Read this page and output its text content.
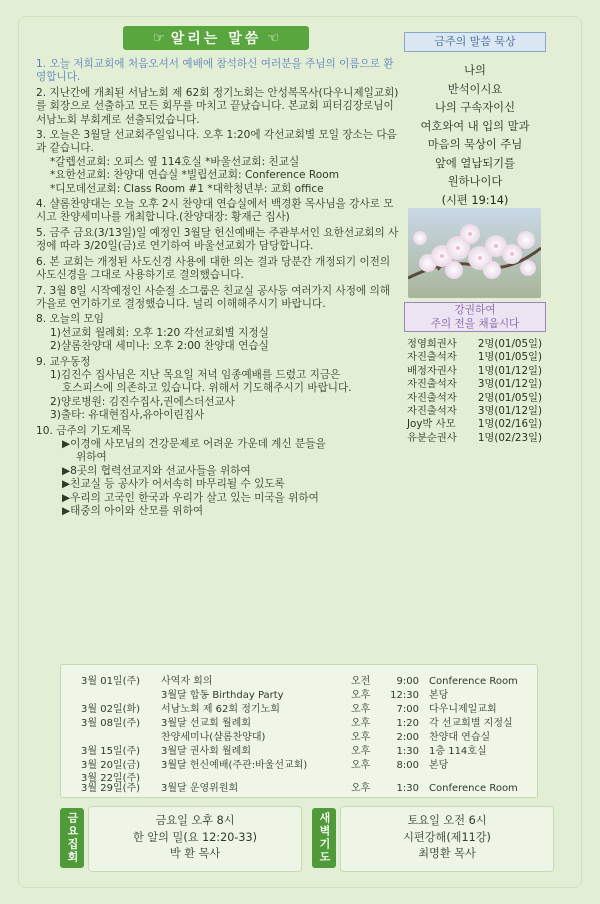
☞ 알리는 말씀 ☜
1. 오늘 저희교회에 처음오셔서 예배에 참석하신 여러분을 주님의 이름으로 환영합니다.
2. 지난간에 개최된 서남노회 제 62회 정기노회는 안성복목사(다우니제일교회)를 회장으로 선출하고 모든 회무를 마치고 끝났습니다. 본교회 피터김장로님이 서남노회 부회계로 선출되었습니다.
3. 오늘은 3월달 선교회주일입니다. 오후 1:20에 각선교회별 모일 장소는 다음과 같습니다.
*갈렙선교회: 오피스 옆 114호실 *바울선교회: 친교실
*요한선교회: 찬양대 연습실 *빌립선교회: Conference Room
*디모데선교회: Class Room #1 *대학청년부: 교회 office
4. 샬롬찬양대는 오늘 오후 2시 찬양대 연습실에서 백경환 목사님을 강사로 모시고 찬양세미나를 개최합니다.(찬양대장: 황재근 집사)
5. 금주 금요(3/13일)일 예정인 3월달 헌신예배는 주관부서인 요한선교회의 사정에 따라 3/20일(금)로 연기하여 바울선교회가 담당합니다.
6. 본 교회는 개정된 사도신경 사용에 대한 의논 결과 당분간 개정되기 이전의 사도신경을 그대로 사용하기로 결의했습니다.
7. 3월 8일 시작예정인 사순절 소그룹은 친교실 공사등 여러가지 사정에 의해 가을로 연기하기로 결정했습니다. 널리 이해해주시기 바랍니다.
8. 오늘의 모임
1)선교회 월례회: 오후 1:20 각선교회별 지정실
2)샬롬찬양대 세미나: 오후 2:00 찬양대 연습실
9. 교우동정
1)김진수 집사님은 지난 목요일 저녁 임종예배를 드렸고 지금은
호스피스에 의존하고 있습니다. 위해서 기도해주시기 바랍니다.
2)양로병원: 김진수집사,권에스더선교사
3)출타: 유대현집사,유아이린집사
10. 금주의 기도제목
▶이경애 사모님의 건강문제로 어려운 가운데 계신 분들을
위하여
▶8곳의 협력선교지와 선교사들을 위하여
▶친교실 등 공사가 어서속히 마무리될 수 있도록
▶우리의 고국인 한국과 우리가 살고 있는 미국을 위하여
▶태중의 아이와 산모를 위하여
금주의 말씀 묵상
나의
반석이시요
나의 구속자이신
여호와여 내 입의 말과
마음의 묵상이 주님
앞에 열납되기를
원하나이다
(시편 19:14)
강권하여
주의 전을 채웁시다
정영희권사 2명(01/05일)
자진출석자 1명(01/05일)
배정자권사 1명(01/12일)
자진출석자 3명(01/12일)
자진출석자 2명(01/05일)
자진출석자 3명(01/12일)
Joy박 사모 1명(02/16일)
유분순권사 1명(02/23일)
3월 01일(주) 사역자 회의	오전	9:00 Conference Room
3월달 합동 Birthday Party	오후	12:30 본당
3월 02일(화) 서남노회 제 62회 정기노회	오후	7:00 다우니제일교회
3월 08일(주) 3월달 선교회 월례회	오후	1:20 각 선교회별 지정실
찬양세미나(샬롬찬양대)	오후	2:00 찬양대 연습실
3월 15일(주) 3월달 권사회 월례회	오후	1:30 1층 114호실
3월 20일(금) 3월달 헌신예배(주관:바울선교회)	오후	8:00 본당
3월 22일(주)
3월 29일(주) 3월달 운영위원회	오후	1:30 Conference Room
금요집회	금요일 오후 8시
한 알의 밀(요 12:20-33)
박 환 목사	새벽기도	토요일 오전 6시
시편강해(제11강)
최명환 목사
